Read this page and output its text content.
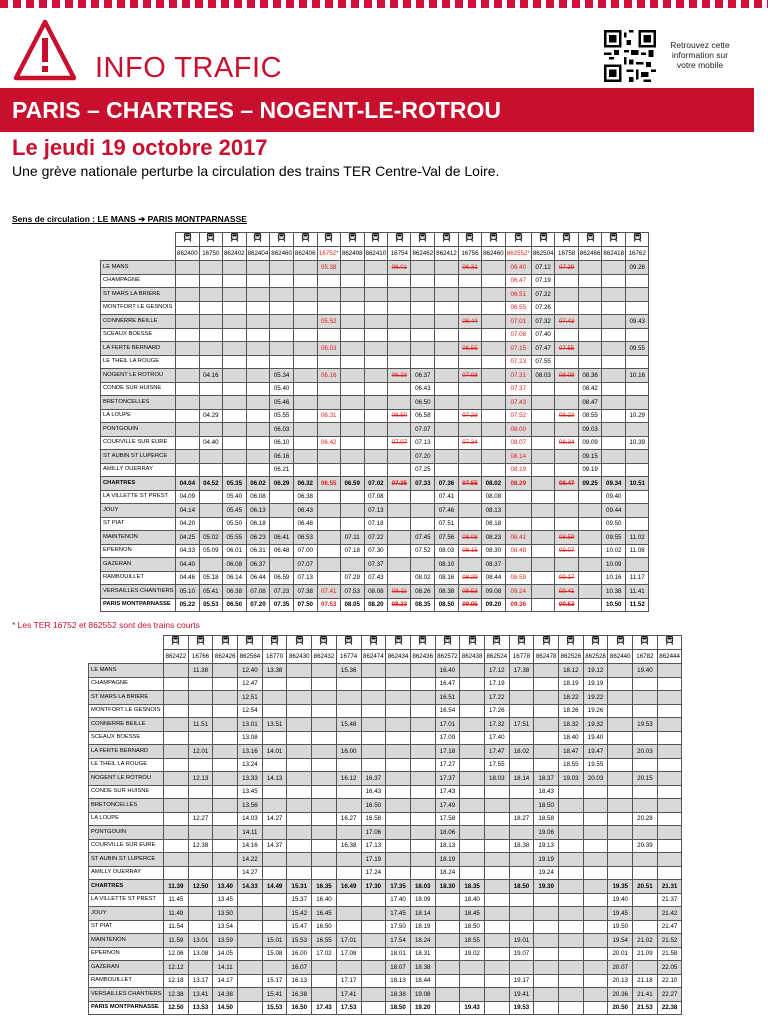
INFO TRAFIC
Retrouvez cette information sur votre mobile
PARIS – CHARTRES – NOGENT-LE-ROTROU
Le jeudi 19 octobre 2017
Une grève nationale perturbe la circulation des trains TER Centre-Val de Loire.
Sens de circulation : LE MANS ➔ PARIS MONTPARNASSE

	862400	16750	862402	862404	862460	862406	16752*	862408	862410	16754	862462	862412	16756	862460	862552*	862504	16758	862466	862418	16762
LE MANS							05.38			06.01			06.31		06.40	07.12	07.29			09.28
CHAMPAGNE															06.47	07.19				
ST MARS LA BRIERE															06.51	07.22				
MONTFORT LE GESNOIS															06.55	07.26				
CONNERRE BEILLE							05.52						06.44		07.01	07.32	07.43			09.43
SCEAUX BOESSE															07.08	07.40				
LA FERTE BERNARD							06.03						06.55		07.15	07.47	07.55			09.55
LE THEIL LA ROUGE															07.23	07.55				
NOGENT LE ROTROU		04.16			05.34		06.16			06.33	06.37		07.08		07.31	08.03	08.08	08.36		10.16
CONDE SUR HUISNE					05.40						06.43				07.37			08.42		
BRETONCELLES					05.46						06.50				07.43			08.47		
LA LOUPE		04.29			05.55		06.31			06.50	06.58		07.23		07.52		08.23	08.55		10.29
PONTGOUIN					06.03						07.07				08.00			09.03		
COURVILLE SUR EURE		04.40			06.10		06.42			07.07	07.13		07.34		08.07		08.34	09.09		10.39
ST AUBIN ST LUPERCE					06.16						07.20				08.14			09.15		
AMILLY OUERRAY					06.21						07.25				08.19			09.19		
CHARTRES	04.04	04.52	05.35	06.02	06.29	06.32	06.55	06.59	07.02	07.25	07.33	07.36	07.55	08.02	08.29		08.47	09.25	09.34	10.51
LA VILLETTE ST PREST	04.09		05.40	06.08		06.38			07.08			07.41		08.08					09.40	
JOUY	04.14		05.45	06.13		06.43			07.13			07.46		08.13					09.44	
ST PIAT	04.20		05.50	06.18		06.48			07.18			07.51		08.18					09.50	
MAINTENON	04.25	05.02	05.55	06.23	06.41	06.53		07.11	07.22		07.45	07.56	08.08	08.23	08.41		08.59		09.55	11.02
EPERNON	04.33	05.09	06.01	06.31	06.48	07.00		07.18	07.30		07.52	08.03	08.15	08.30	08.48		09.07		10.02	11.08
GAZERAN	04.40		06.08	06.37		07.07			07.37			08.10		08.37					10.09	
RAMBOUILLET	04.46	05.18	06.14	06.44	06.59	07.13		07.29	07.43		08.02	08.16	08.29	08.44	08.59		09.17		10.16	11.17
VERSAILLES CHANTIERS	05.10	05.41	06.38	07.08	07.23	07.38	07.41	07.53	08.08	08.11	08.26	08.38	08.53	09.08	09.24		09.41		10.38	11.41
PARIS MONTPARNASSE	05.22	05.53	06.50	07.20	07.35	07.50	07.53	08.05	08.20	08.23	08.35	08.50	09.05	09.20	09.36		09.53		10.50	11.52
* Les TER 16752 et 862552 sont des trains courts

	862422	16766	862426	862564	16770	862430	862432	16774	862474	862434	862436	862572	862438	862524	16778	862478	862526	862528	862440	16782	862444
LE MANS		11.38		12.40	13.38			15.36				16.40		17.12	17.38		18.12	19.12		19.40	
CHAMPAGNE				12.47								16.47		17.19			18.19	19.19			
ST MARS LA BRIERE				12.51								16.51		17.22			18.22	19.22			
MONTFORT LE GESNOIS				12.54								16.54		17.26			18.26	19.26			
CONNERRE BEILLE		11.51		13.01	13.51			15.48				17.01		17.32	17.51		18.32	19.32		19.53	
SCEAUX BOESSE				13.08								17.09		17.40			18.40	19.40			
LA FERTE BERNARD		12.01		13.16	14.01			16.00				17.18		17.47	18.02		18.47	19.47		20.03	
LE THEIL LA ROUGE				13.24								17.27		17.55			18.55	19.55			
NOGENT LE ROTROU		12.13		13.33	14.13			16.12	16.37			17.37		18.03	18.14	18.37	19.03	20.03		20.15	
CONDE SUR HUISNE				13.45					16.43			17.43				18.43					
BRETONCELLES				13.56					16.50			17.49				18.50					
LA LOUPE		12.27		14.03	14.27			16.27	16.58			17.58			18.27	18.58				20.28	
PONTGOUIN				14.11					17.06			18.06				19.06					
COURVILLE SUR EURE		12.38		14.16	14.37			16.38	17.13			18.13			18.38	19.13				20.39	
ST AUBIN ST LUPERCE				14.22					17.19			18.19				19.19					
AMILLY OUERRAY				14.27					17.24			18.24				19.24					
CHARTRES	11.39	12.50	13.40	14.33	14.49	15.31	16.35	16.49	17.30	17.35	18.03	18.30	18.35		18.50	19.30			19.35	20.51	21.31
LA VILLETTE ST PREST	11.45		13.45			15.37	16.40			17.40	18.09		18.40						19.40		21.37
JOUY	11.49		13.50			15.42	16.45			17.45	18.14		18.45						19.45		21.42
ST PIAT	11.54		13.54			15.47	16.50			17.50	18.19		18.50						19.50		21.47
MAINTENON	11.59	13.01	13.59		15.01	15.53	16.55	17.01		17.54	18.24		18.55		19.01				19.54	21.02	21.52
EPERNON	12.06	13.08	14.05		15.08	16.00	17.02	17.08		18.01	18.31		19.02		19.07				20.01	21.09	21.58
GAZERAN	12.12		14.11			16.07				18.07	18.38								20.07		22.05
RAMBOUILLET	12.18	13.17	14.17		15.17	16.13		17.17		18.13	18.44				19.17				20.13	21.18	22.10
VERSAILLES CHANTIERS	12.38	13.41	14.38		15.41	16.38		17.41		18.38	19.08				19.41				20.36	21.41	22.27
PARIS MONTPARNASSE	12.50	13.53	14.50		15.53	16.50	17.43	17.53		18.50	19.20		19.43		19.53				20.50	21.53	22.38
